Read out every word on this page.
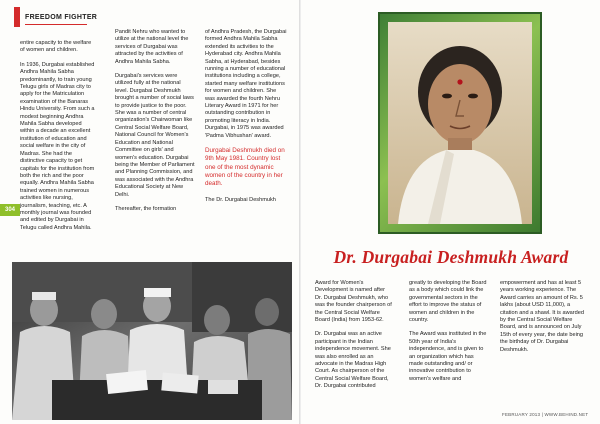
FREEDOM FIGHTER

entire capacity to the welfare of women and children.

In 1936, Durgabai established Andhra Mahila Sabha predominantly, to train young Telugu girls of Madras city to apply for the Matriculation examination of the Banaras Hindu University. From such a modest beginning Andhra Mahila Sabha developed within a decade an excellent institution of education and social welfare in the city of Madras. She had the distinctive capacity to get capitals for the institution from both the rich and the poor equally. Andhra Mahila Sabha trained women in numerous activities like nursing, journalism, teaching, etc. A monthly journal was founded and edited by Durgabai in Telugu called Andhra Mahila.

Pandit Nehru who wanted to utilize at the national level the services of Durgabai was attracted by the activities of Andhra Mahila Sabha.

Durgabai's services were utilized fully at the national level. Durgabai Deshmukh brought a number of social laws to provide justice to the poor. She was a number of central organization's Chairwoman like Central Social Welfare Board, National Council for Women's Education and National Committee on girls' and women's education. Durgabai being the Member of Parliament and Planning Commission, and was associated with the Andhra Educational Society at New Delhi.

Thereafter, the formation

of Andhra Pradesh, the Durgabai formed Andhra Mahila Sabha extended its activities to the Hyderabad city. Andhra Mahila Sabha, at Hyderabad, besides running a number of educational institutions including a college, started many welfare institutions for women and children. She was awarded the fourth Nehru Literary Award in 1971 for her outstanding contribution in promoting literacy in India. Durgabai, in 1975 was awarded 'Padma Vibhushan' award.

Durgabai Deshmukh died on 9th May 1981. Country lost one of the most dynamic women of the country in her death.

The Dr. Durgabai Deshmukh

304
Dr. Durgabai Deshmukh Award

Award for Women's Development is named after Dr. Durgabai Deshmukh, who was the founder chairperson of the Central Social Welfare Board (India) from 1953-62.

Dr. Durgabai was an active participant in the Indian independence movement. She was also enrolled as an advocate in the Madras High Court. As chairperson of the Central Social Welfare Board, Dr. Durgabai contributed

greatly to developing the Board as a body which could link the governmental sectors in the effort to improve the status of women and children in the country.

The Award was instituted in the 50th year of India's independence, and is given to an organization which has made outstanding and/ or innovative contribution to women's welfare and

empowerment and has at least 5 years working experience. The Award carries an amount of Rs. 5 lakhs (about USD 11,000), a citation and a shawl. It is awarded by the Central Social Welfare Board, and is announced on July 15th of every year, the date being the birthday of Dr. Durgabai Deshmukh.

FEBRUARY 2013 | WWW.BEHIND.NET
